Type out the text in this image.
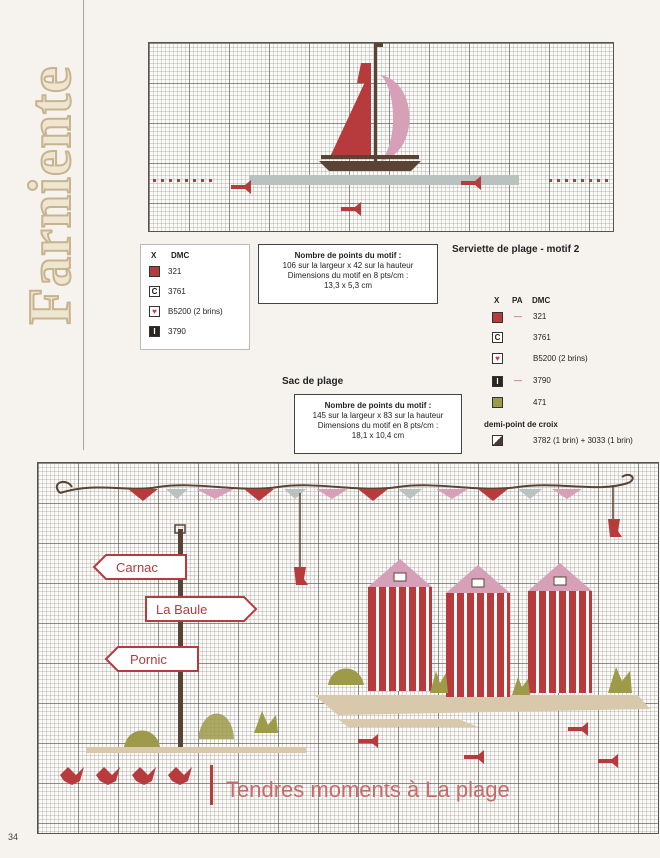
Farniente	X DMC
321
C 3761
♥ B5200 (2 brins)
I 3790
Nombre de points du motif :
106 sur la largeur x 42 sur la hauteur
Dimensions du motif en 8 pts/cm :
13,3 x 5,3 cm
Serviette de plage - motif 2
X PA DMC
— 321
C	3761
♥	B5200 (2 brins)
I — 3790
471
demi-point de croix
3782 (1 brin) + 3033 (1 brin)
Sac de plage
Nombre de points du motif :
145 sur la largeur x 83 sur la hauteur
Dimensions du motif en 8 pts/cm :
18,1 x 10,4 cm
Carnac
La Baule
Pornic
Tendres moments à La plage
34
